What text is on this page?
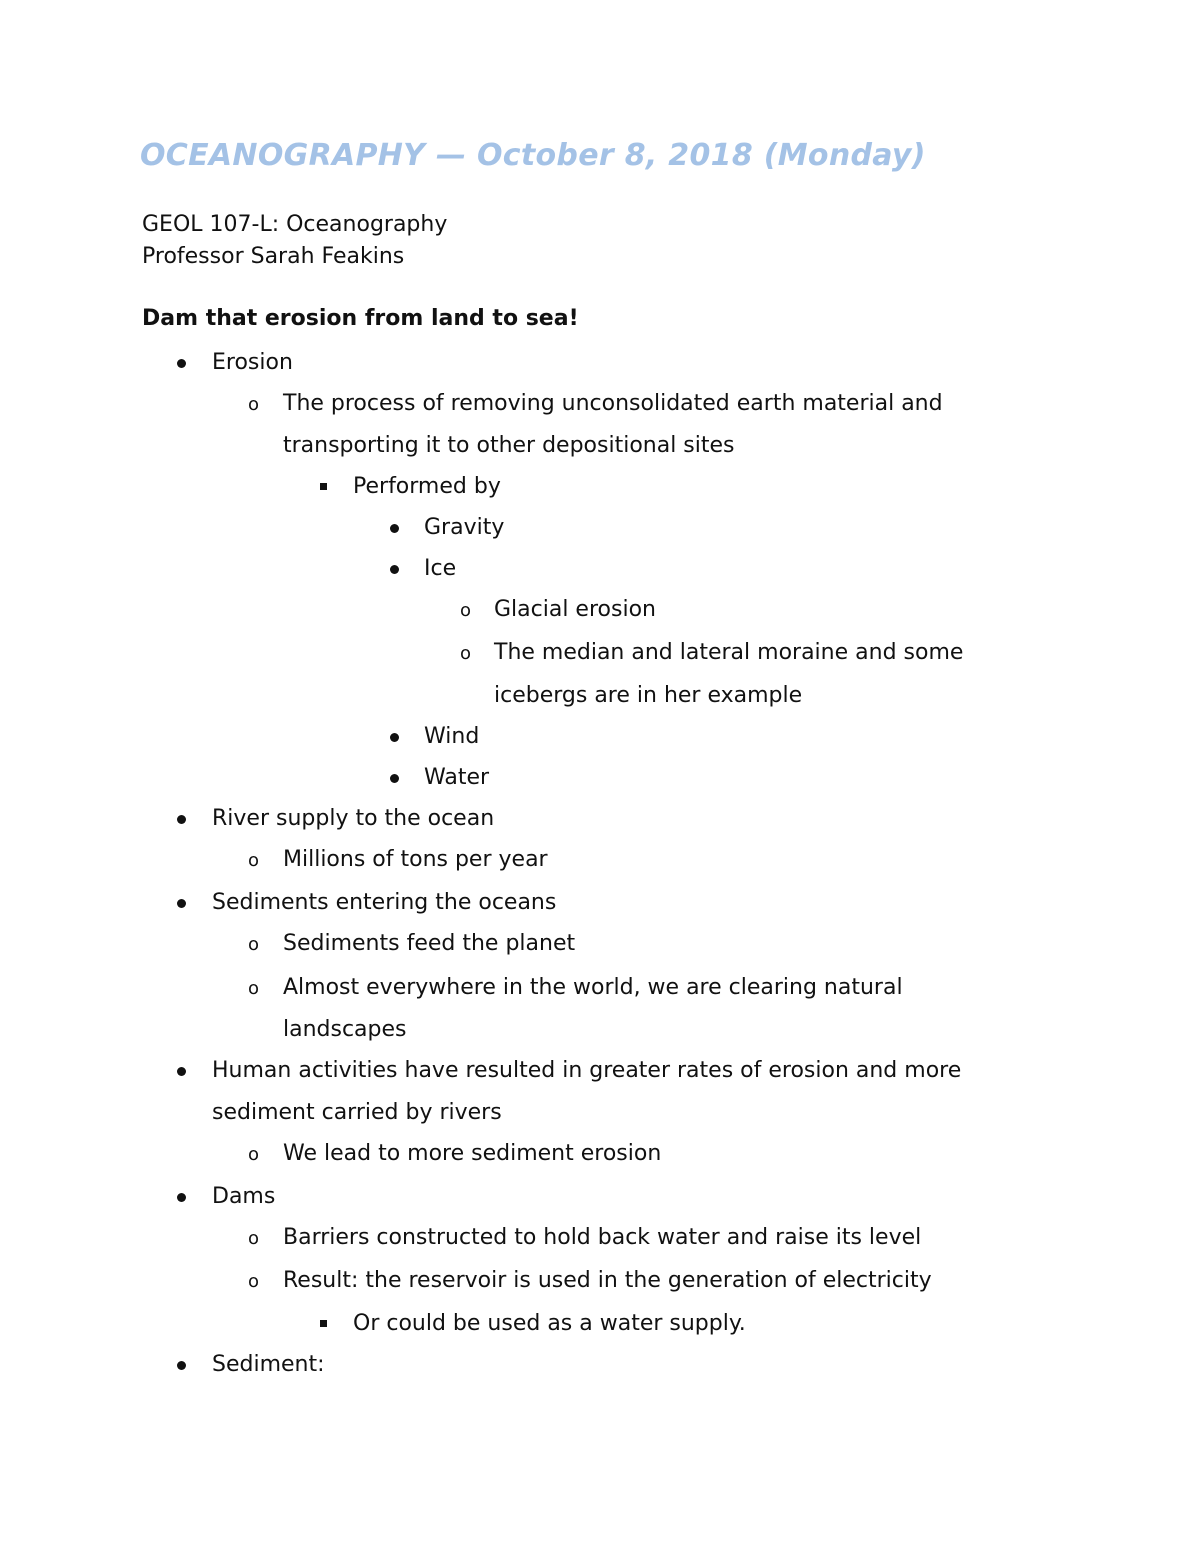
OCEANOGRAPHY — October 8, 2018 (Monday)
GEOL 107-L: Oceanography
Professor Sarah Feakins
Dam that erosion from land to sea!
Erosion
The process of removing unconsolidated earth material and
o
transporting it to other depositional sites
Performed by
Gravity
Ice
Glacial erosion
o
The median and lateral moraine and some
o
icebergs are in her example
Wind
Water
River supply to the ocean
Millions of tons per year
o
Sediments entering the oceans
Sediments feed the planet
o
Almost everywhere in the world, we are clearing natural
o
landscapes
Human activities have resulted in greater rates of erosion and more
sediment carried by rivers
We lead to more sediment erosion
o
Dams
Barriers constructed to hold back water and raise its level
o
Result: the reservoir is used in the generation of electricity
o
Or could be used as a water supply.
Sediment:
